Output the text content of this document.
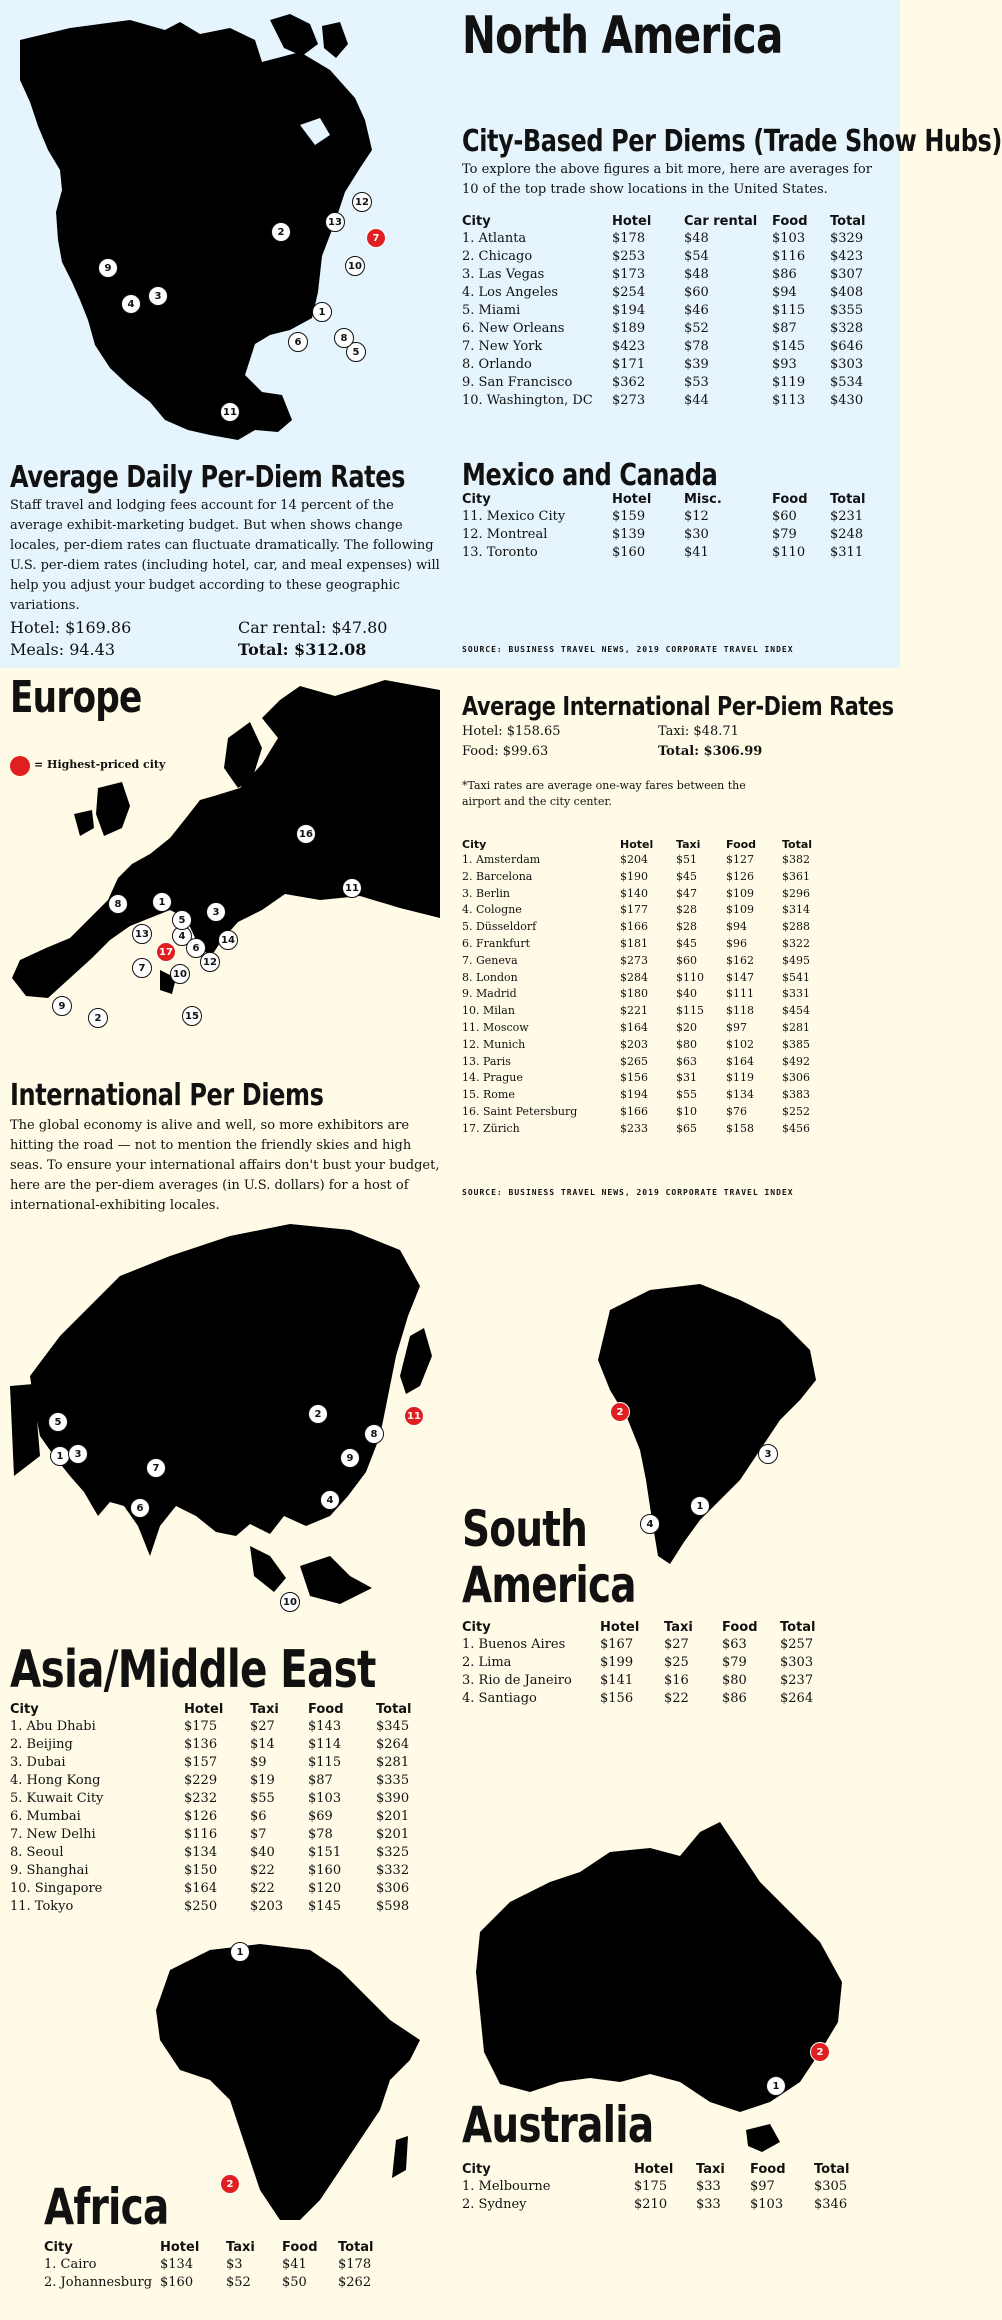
1
2
3
4
5
6
7
8
9	10
11
12
13
North America
City-Based Per Diems (Trade Show Hubs)
To explore the above figures a bit more, here are averages for 10 of the top trade show locations in the United States.
City	Hotel	Car rental	Food	Total
1. Atlanta	$178	$48	$103	$329
2. Chicago	$253	$54	$116	$423
3. Las Vegas	$173	$48	$86	$307
4. Los Angeles	$254	$60	$94	$408
5. Miami	$194	$46	$115	$355
6. New Orleans	$189	$52	$87	$328
7. New York	$423	$78	$145	$646
8. Orlando	$171	$39	$93	$303
9. San Francisco	$362	$53	$119	$534
10. Washington, DC	$273	$44	$113	$430
Average Daily Per-Diem Rates
Staff travel and lodging fees account for 14 percent of the average exhibit-marketing budget. But when shows change locales, per-diem rates can fluctuate dramatically. The following U.S. per-diem rates (including hotel, car, and meal expenses) will help you adjust your budget according to these geographic variations.
Hotel: $169.86	Car rental: $47.80
Meals: 94.43	Total: $312.08
Mexico and Canada
City	Hotel	Misc.	Food	Total
11. Mexico City	$159	$12	$60	$231
12. Montreal	$139	$30	$79	$248
13. Toronto	$160	$41	$110	$311
SOURCE: BUSINESS TRAVEL NEWS, 2019 CORPORATE TRAVEL INDEX
= Highest-priced city
1
2
3
4
5
6
7
8
9
10
11
12
13
14
15
16
17
Europe	Average International Per-Diem Rates
Hotel: $158.65	Taxi: $48.71
Food: $99.63	Total: $306.99
*Taxi rates are average one-way fares between the airport and the city center.
City	Hotel	Taxi	Food	Total
1. Amsterdam	$204	$51	$127	$382
2. Barcelona	$190	$45	$126	$361
3. Berlin	$140	$47	$109	$296
4. Cologne	$177	$28	$109	$314
5. Düsseldorf	$166	$28	$94	$288
6. Frankfurt	$181	$45	$96	$322
7. Geneva	$273	$60	$162	$495
8. London	$284	$110	$147	$541
9. Madrid	$180	$40	$111	$331
10. Milan	$221	$115	$118	$454
11. Moscow	$164	$20	$97	$281
12. Munich	$203	$80	$102	$385
13. Paris	$265	$63	$164	$492
14. Prague	$156	$31	$119	$306
15. Rome	$194	$55	$134	$383
16. Saint Petersburg	$166	$10	$76	$252
17. Zürich	$233	$65	$158	$456
SOURCE: BUSINESS TRAVEL NEWS, 2019 CORPORATE TRAVEL INDEX
International Per Diems
The global economy is alive and well, so more exhibitors are hitting the road — not to mention the friendly skies and high seas. To ensure your international affairs don't bust your budget, here are the per-diem averages (in U.S. dollars) for a host of international-exhibiting locales.
1
2
3
4
5
6
7
8
9
10
11
Asia/Middle East
City	Hotel	Taxi	Food	Total
1. Abu Dhabi	$175	$27	$143	$345
2. Beijing	$136	$14	$114	$264
3. Dubai	$157	$9	$115	$281
4. Hong Kong	$229	$19	$87	$335
5. Kuwait City	$232	$55	$103	$390
6. Mumbai	$126	$6	$69	$201
7. New Delhi	$116	$7	$78	$201
8. Seoul	$134	$40	$151	$325
9. Shanghai	$150	$22	$160	$332
10. Singapore	$164	$22	$120	$306
11. Tokyo	$250	$203	$145	$598
1
2
3
4
South
America
City	Hotel	Taxi	Food	Total
1. Buenos Aires	$167	$27	$63	$257
2. Lima	$199	$25	$79	$303
3. Rio de Janeiro	$141	$16	$80	$237
4. Santiago	$156	$22	$86	$264
1
2
Australia
City	Hotel	Taxi	Food	Total
1. Melbourne	$175	$33	$97	$305
2. Sydney	$210	$33	$103	$346
1
2
Africa
City	Hotel	Taxi	Food	Total
1. Cairo	$134	$3	$41	$178
2. Johannesburg	$160	$52	$50	$262
